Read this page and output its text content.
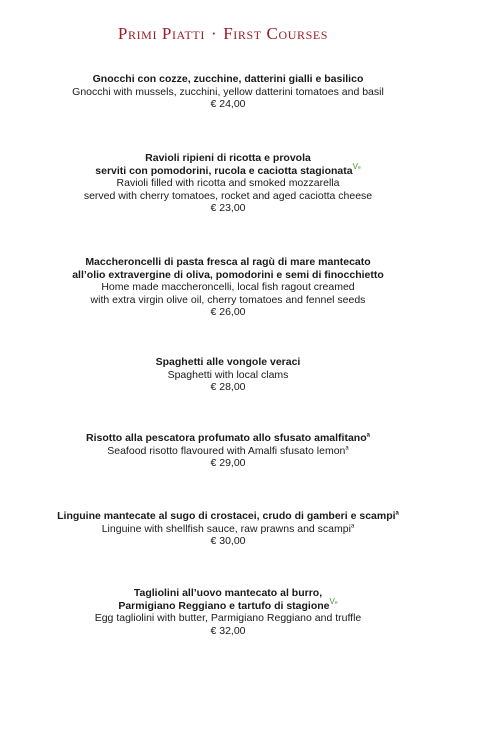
Primi Piatti · First Courses
Gnocchi con cozze, zucchine, datterini gialli e basilico
Gnocchi with mussels, zucchini, yellow datterini tomatoes and basil
€ 24,00
Ravioli ripieni di ricotta e provola
serviti con pomodorini, rucola e caciotta stagionata$^{Ve}$
Ravioli filled with ricotta and smoked mozzarella
served with cherry tomatoes, rocket and aged caciotta cheese
€ 23,00
Maccheroncelli di pasta fresca al ragù di mare mantecato
all’olio extravergine di oliva, pomodorini e semi di finocchietto
Home made maccheroncelli, local fish ragout creamed
with extra virgin olive oil, cherry tomatoes and fennel seeds
€ 26,00
Spaghetti alle vongole veraci
Spaghetti with local clams
€ 28,00
Risotto alla pescatora profumato allo sfusato amalfitano$^a$
Seafood risotto flavoured with Amalfi sfusato lemon$^a$
€ 29,00
Linguine mantecate al sugo di crostacei, crudo di gamberi e scampi$^a$
Linguine with shellfish sauce, raw prawns and scampi$^a$
€ 30,00
Tagliolini all’uovo mantecato al burro,
Parmigiano Reggiano e tartufo di stagione$^{Ve}$
Egg tagliolini with butter, Parmigiano Reggiano and truffle
€ 32,00
